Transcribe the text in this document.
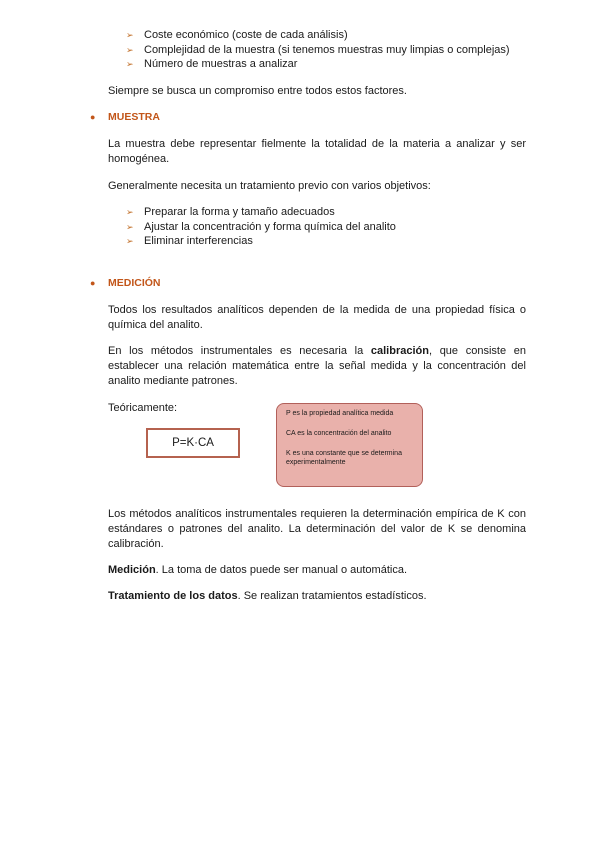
➢ Coste económico (coste de cada análisis)
➢ Complejidad de la muestra (si tenemos muestras muy limpias o complejas)
➢ Número de muestras a analizar
Siempre se busca un compromiso entre todos estos factores.
● MUESTRA
La muestra debe representar fielmente la totalidad de la materia a analizar y ser homogénea.
Generalmente necesita un tratamiento previo con varios objetivos:
➢ Preparar la forma y tamaño adecuados
➢ Ajustar la concentración y forma química del analito
➢ Eliminar interferencias
● MEDICIÓN
Todos los resultados analíticos dependen de la medida de una propiedad física o química del analito.
En los métodos instrumentales es necesaria la calibración, que consiste en establecer una relación matemática entre la señal medida y la concentración del analito mediante patrones.
Teóricamente:
P=K·CA
P es la propiedad analítica medida
CA es la concentración del analito
K es una constante que se determina experimentalmente
Los métodos analíticos instrumentales requieren la determinación empírica de K con estándares o patrones del analito. La determinación del valor de K se denomina calibración.
Medición. La toma de datos puede ser manual o automática.
Tratamiento de los datos. Se realizan tratamientos estadísticos.
